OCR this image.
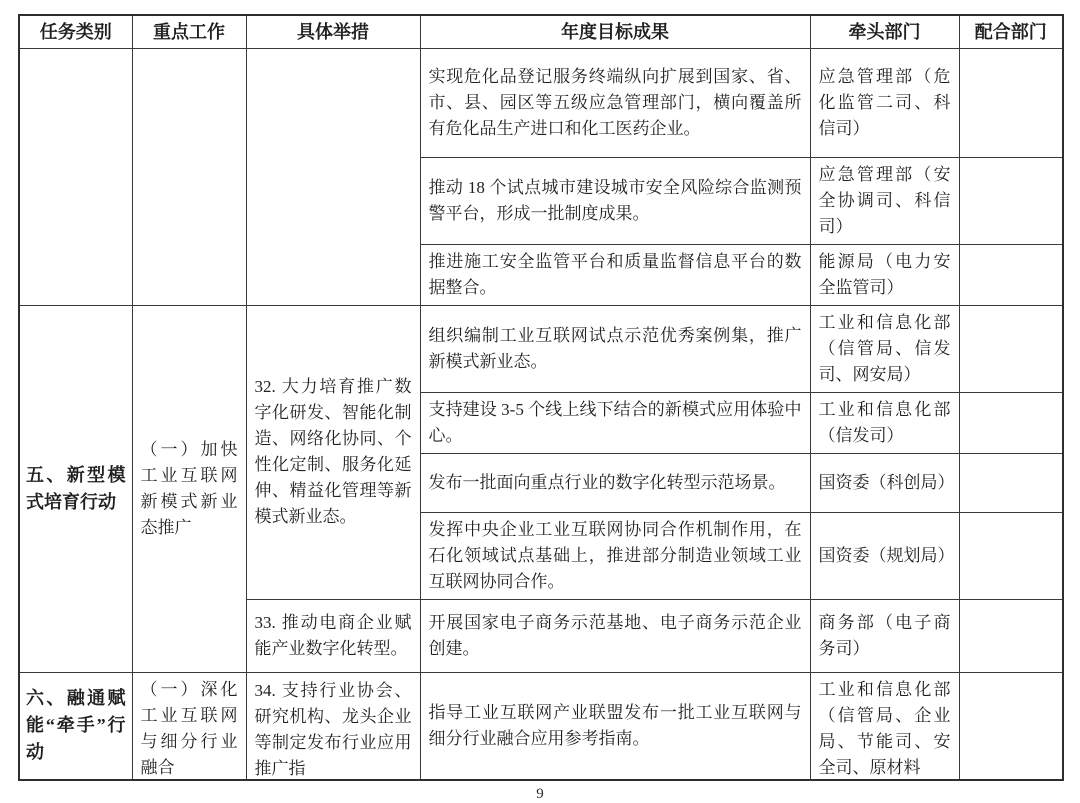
任务类别	重点工作	具体举措	年度目标成果	牵头部门	配合部门
			实现危化品登记服务终端纵向扩展到国家、省、市、县、园区等五级应急管理部门，横向覆盖所有危化品生产进口和化工医药企业。	应急管理部（危化监管二司、科信司）	
			推动 18 个试点城市建设城市安全风险综合监测预警平台，形成一批制度成果。	应急管理部（安全协调司、科信司）	
			推进施工安全监管平台和质量监督信息平台的数据整合。	能源局（电力安全监管司）	
五、新型模式培育行动	（一）加快工业互联网新模式新业态推广	32. 大力培育推广数字化研发、智能化制造、网络化协同、个性化定制、服务化延伸、精益化管理等新模式新业态。	组织编制工业互联网试点示范优秀案例集，推广新模式新业态。	工业和信息化部（信管局、信发司、网安局）	
			支持建设 3-5 个线上线下结合的新模式应用体验中心。	工业和信息化部（信发司）	
			发布一批面向重点行业的数字化转型示范场景。	国资委（科创局）	
			发挥中央企业工业互联网协同合作机制作用，在石化领域试点基础上，推进部分制造业领域工业互联网协同合作。	国资委（规划局）	
		33. 推动电商企业赋能产业数字化转型。	开展国家电子商务示范基地、电子商务示范企业创建。	商务部（电子商务司）	

六、融通赋能“牵手”行动	（一）深化工业互联网与细分行业融合	34. 支持行业协会、研究机构、龙头企业等制定发布行业应用推广指	指导工业互联网产业联盟发布一批工业互联网与细分行业融合应用参考指南。	工业和信息化部（信管局、企业局、节能司、安全司、原材料	

9
